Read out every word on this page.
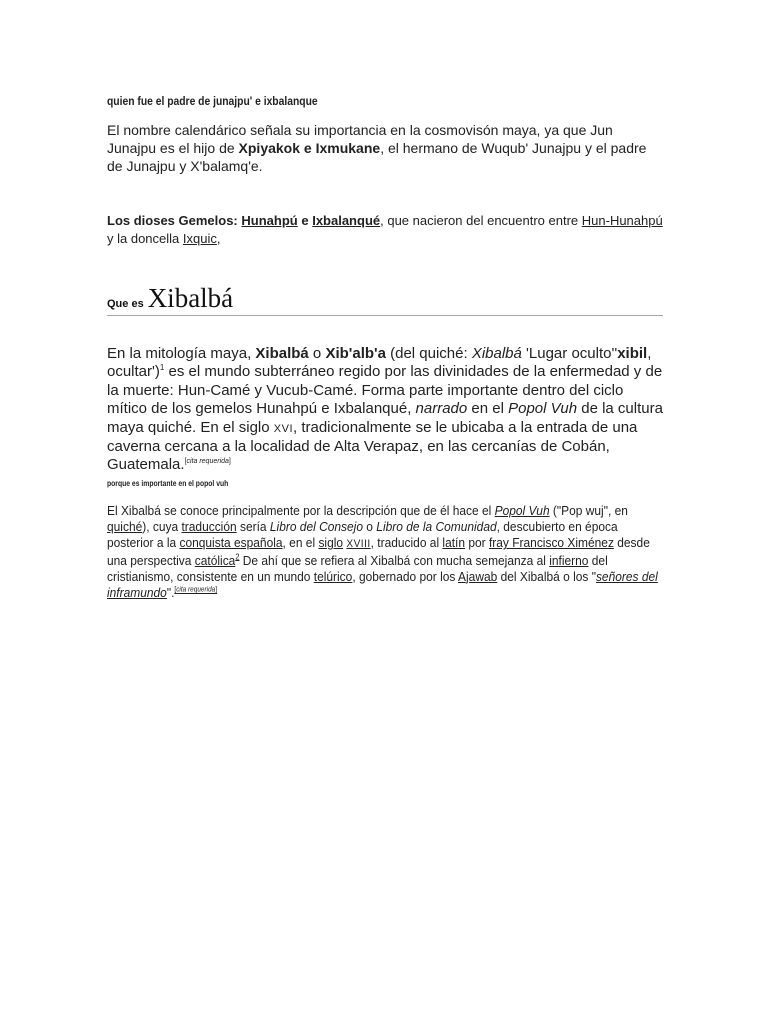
quien fue el padre de junajpu' e ixbalanque
El nombre calendárico señala su importancia en la cosmovisón maya, ya que Jun Junajpu es el hijo de Xpiyakok e Ixmukane, el hermano de Wuqub' Junajpu y el padre de Junajpu y X'balamq'e.
Los dioses Gemelos: Hunahpú e Ixbalanqué, que nacieron del encuentro entre Hun-Hunahpú y la doncella Ixquic,
Que es Xibalbá
En la mitología maya, Xibalbá o Xib'alb'a (del quiché: Xibalbá 'Lugar oculto''xibil, ocultar')$^1$ es el mundo subterráneo regido por las divinidades de la enfermedad y de la muerte: Hun-Camé y Vucub-Camé. Forma parte importante dentro del ciclo mítico de los gemelos Hunahpú e Ixbalanqué, narrado en el Popol Vuh de la cultura maya quiché. En el siglo XVI, tradicionalmente se le ubicaba a la entrada de una caverna cercana a la localidad de Alta Verapaz, en las cercanías de Cobán, Guatemala.[cita requerida]
porque es importante en el popol vuh
El Xibalbá se conoce principalmente por la descripción que de él hace el Popol Vuh ("Pop wuj", en quiché), cuya traducción sería Libro del Consejo o Libro de la Comunidad, descubierto en época posterior a la conquista española, en el siglo XVIII, traducido al latín por fray Francisco Ximénez desde una perspectiva católica$^2$ De ahí que se refiera al Xibalbá con mucha semejanza al infierno del cristianismo, consistente en un mundo telúrico, gobernado por los Ajawab del Xibalbá o los "señores del inframundo".[cita requerida]
